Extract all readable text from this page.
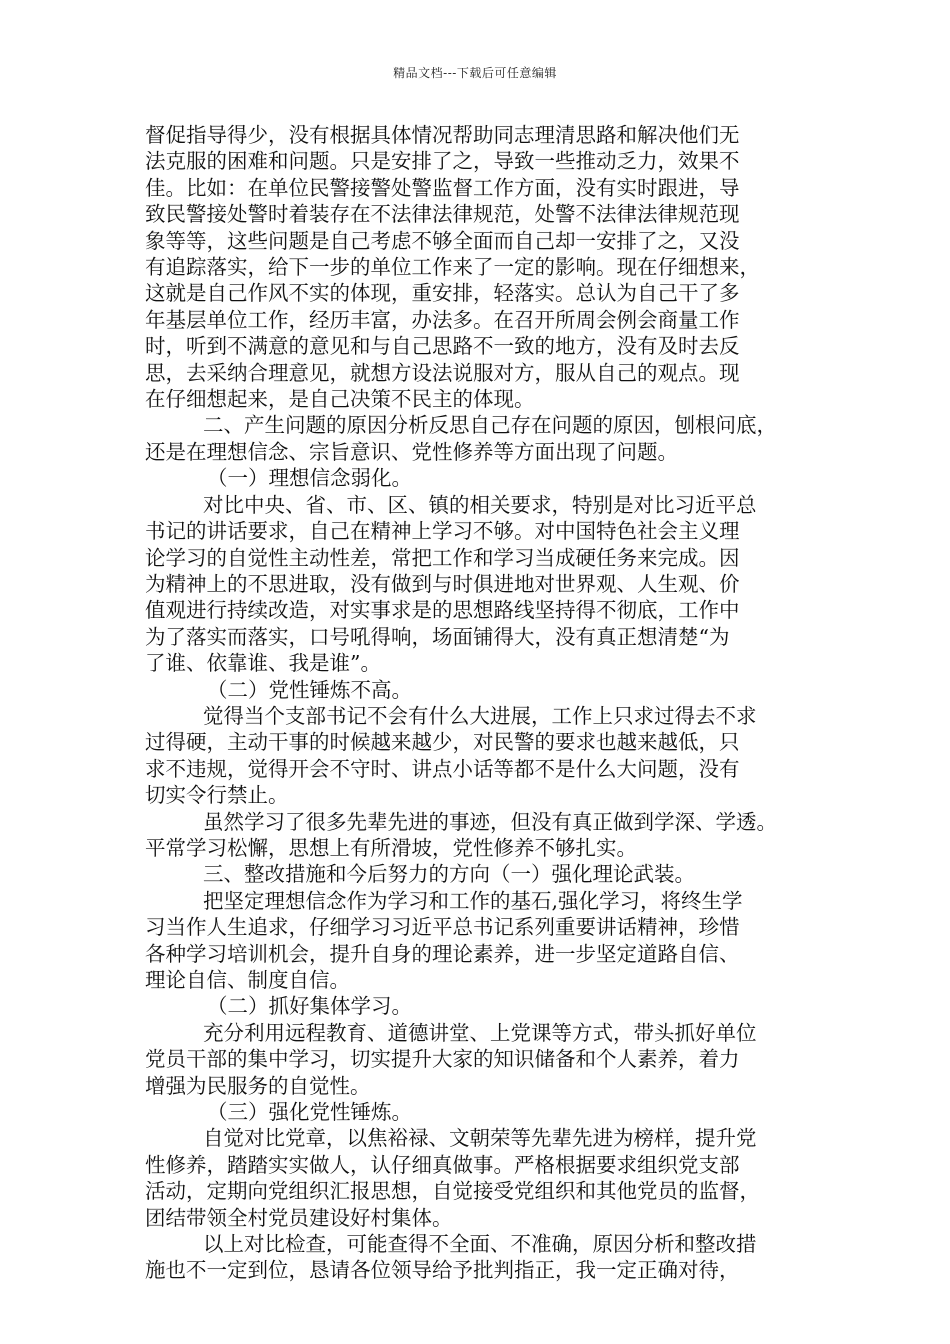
精品文档---下载后可任意编辑
督促指导得少，没有根据具体情况帮助同志理清思路和解决他们无
法克服的困难和问题。只是安排了之，导致一些推动乏力，效果不
佳。比如：在单位民警接警处警监督工作方面，没有实时跟进，导
致民警接处警时着装存在不法律法律规范，处警不法律法律规范现
象等等，这些问题是自己考虑不够全面而自己却一安排了之，又没
有追踪落实，给下一步的单位工作来了一定的影响。现在仔细想来，
这就是自己作风不实的体现，重安排，轻落实。总认为自己干了多
年基层单位工作，经历丰富，办法多。在召开所周会例会商量工作
时，听到不满意的意见和与自己思路不一致的地方，没有及时去反
思，去采纳合理意见，就想方设法说服对方，服从自己的观点。现
在仔细想起来，是自己决策不民主的体现。
二、产生问题的原因分析反思自己存在问题的原因，刨根问底，
还是在理想信念、宗旨意识、党性修养等方面出现了问题。
（一）理想信念弱化。
对比中央、省、市、区、镇的相关要求，特别是对比习近平总
书记的讲话要求，自己在精神上学习不够。对中国特色社会主义理
论学习的自觉性主动性差，常把工作和学习当成硬任务来完成。因
为精神上的不思进取，没有做到与时俱进地对世界观、人生观、价
值观进行持续改造，对实事求是的思想路线坚持得不彻底，工作中
为了落实而落实，口号吼得响，场面铺得大，没有真正想清楚“为
了谁、依靠谁、我是谁”。
（二）党性锤炼不高。
觉得当个支部书记不会有什么大进展，工作上只求过得去不求
过得硬，主动干事的时候越来越少，对民警的要求也越来越低，只
求不违规，觉得开会不守时、讲点小话等都不是什么大问题，没有
切实令行禁止。
虽然学习了很多先辈先进的事迹，但没有真正做到学深、学透。
平常学习松懈，思想上有所滑坡，党性修养不够扎实。
三、整改措施和今后努力的方向（一）强化理论武装。
把坚定理想信念作为学习和工作的基石,强化学习，将终生学
习当作人生追求，仔细学习习近平总书记系列重要讲话精神，珍惜
各种学习培训机会，提升自身的理论素养，进一步坚定道路自信、
理论自信、制度自信。
（二）抓好集体学习。
充分利用远程教育、道德讲堂、上党课等方式，带头抓好单位
党员干部的集中学习，切实提升大家的知识储备和个人素养，着力
增强为民服务的自觉性。
（三）强化党性锤炼。
自觉对比党章，以焦裕禄、文朝荣等先辈先进为榜样，提升党
性修养，踏踏实实做人，认仔细真做事。严格根据要求组织党支部
活动，定期向党组织汇报思想，自觉接受党组织和其他党员的监督，
团结带领全村党员建设好村集体。
以上对比检查，可能查得不全面、不准确，原因分析和整改措
施也不一定到位，恳请各位领导给予批判指正，我一定正确对待，
